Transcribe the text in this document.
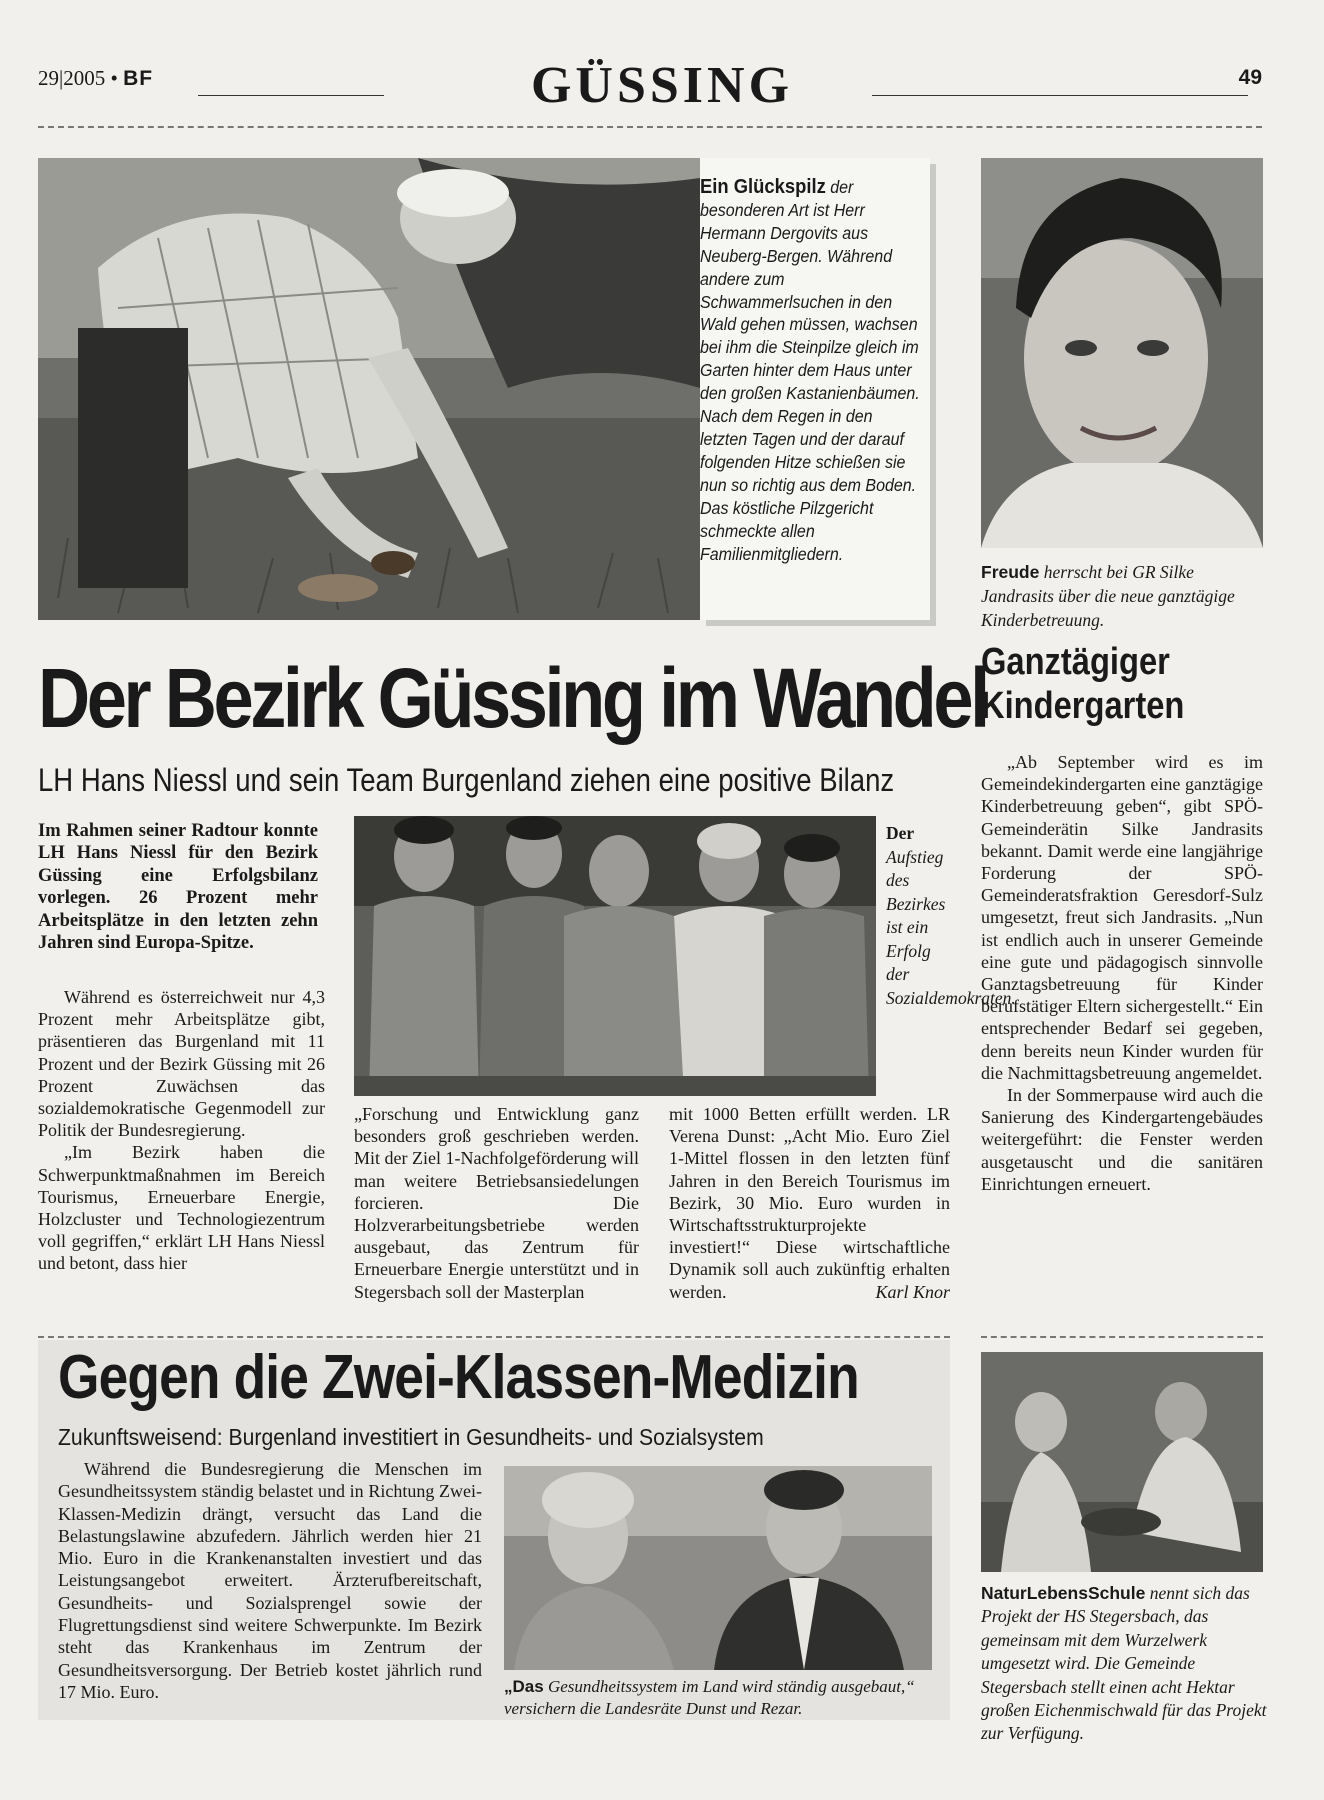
29|2005 • BF	GÜSSING	49
Ein Glückspilz der besonderen Art ist Herr Hermann Dergovits aus Neuberg-Bergen. Während andere zum Schwammerlsuchen in den Wald gehen müssen, wachsen bei ihm die Steinpilze gleich im Garten hinter dem Haus unter den großen Kastanienbäumen. Nach dem Regen in den letzten Tagen und der darauf folgenden Hitze schießen sie nun so richtig aus dem Boden. Das köstliche Pilzgericht schmeckte allen Familienmitgliedern.
Freude herrscht bei GR Silke Jandrasits über die neue ganztägige Kinderbetreuung.
Der Bezirk Güssing im Wandel
LH Hans Niessl und sein Team Burgenland ziehen eine positive Bilanz

Im Rahmen seiner Radtour konnte LH Hans Niessl für den Bezirk Güssing eine Erfolgsbilanz vorlegen. 26 Prozent mehr Arbeitsplätze in den letzten zehn Jahren sind Europa-Spitze.

Der Aufstieg des Bezirkes ist ein Erfolg der Sozialdemokraten.

Während es österreichweit nur 4,3 Prozent mehr Arbeitsplätze gibt, präsentieren das Burgenland mit 11 Prozent und der Bezirk Güssing mit 26 Prozent Zuwächsen das sozialdemokratische Gegenmodell zur Politik der Bundesregierung.

„Im Bezirk haben die Schwerpunktmaßnahmen im Bereich Tourismus, Erneuerbare Energie, Holzcluster und Technologiezentrum voll gegriffen,“ erklärt LH Hans Niessl und betont, dass hier

„Forschung und Entwicklung ganz besonders groß geschrieben werden. Mit der Ziel 1-Nachfolgeförderung will man weitere Betriebsansiedelungen forcieren. Die Holzverarbeitungsbetriebe werden ausgebaut, das Zentrum für Erneuerbare Energie unterstützt und in Stegersbach soll der Masterplan

mit 1000 Betten erfüllt werden. LR Verena Dunst: „Acht Mio. Euro Ziel 1-Mittel flossen in den letzten fünf Jahren in den Bereich Tourismus im Bezirk, 30 Mio. Euro wurden in Wirtschaftsstrukturprojekte investiert!“ Diese wirtschaftliche Dynamik soll auch zukünftig erhalten werden.	Karl Knor

Ganztägiger
Kindergarten

„Ab September wird es im Gemeindekindergarten eine ganztägige Kinderbetreuung geben“, gibt SPÖ-Gemeinderätin Silke Jandrasits bekannt. Damit werde eine langjährige Forderung der SPÖ-Gemeinderatsfraktion Geresdorf-Sulz umgesetzt, freut sich Jandrasits. „Nun ist endlich auch in unserer Gemeinde eine gute und pädagogisch sinnvolle Ganztagsbetreuung für Kinder berufstätiger Eltern sichergestellt.“ Ein entsprechender Bedarf sei gegeben, denn bereits neun Kinder wurden für die Nachmittagsbetreuung angemeldet.

In der Sommerpause wird auch die Sanierung des Kindergartengebäudes weitergeführt: die Fenster werden ausgetauscht und die sanitären Einrichtungen erneuert.

Gegen die Zwei-Klassen-Medizin
Zukunftsweisend: Burgenland investitiert in Gesundheits- und Sozialsystem

Während die Bundesregierung die Menschen im Gesundheitssystem ständig belastet und in Richtung Zwei-Klassen-Medizin drängt, versucht das Land die Belastungslawine abzufedern. Jährlich werden hier 21 Mio. Euro in die Krankenanstalten investiert und das Leistungsangebot erweitert. Ärzterufbereitschaft, Gesundheits- und Sozialsprengel sowie der Flugrettungsdienst sind weitere Schwerpunkte. Im Bezirk steht das Krankenhaus im Zentrum der Gesundheitsversorgung. Der Betrieb kostet jährlich rund 17 Mio. Euro.	„Das Gesundheitssystem im Land wird ständig ausgebaut,“ versichern die Landesräte Dunst und Rezar.
NaturLebensSchule nennt sich das Projekt der HS Stegersbach, das gemeinsam mit dem Wurzelwerk umgesetzt wird. Die Gemeinde Stegersbach stellt einen acht Hektar großen Eichenmischwald für das Projekt zur Verfügung.
